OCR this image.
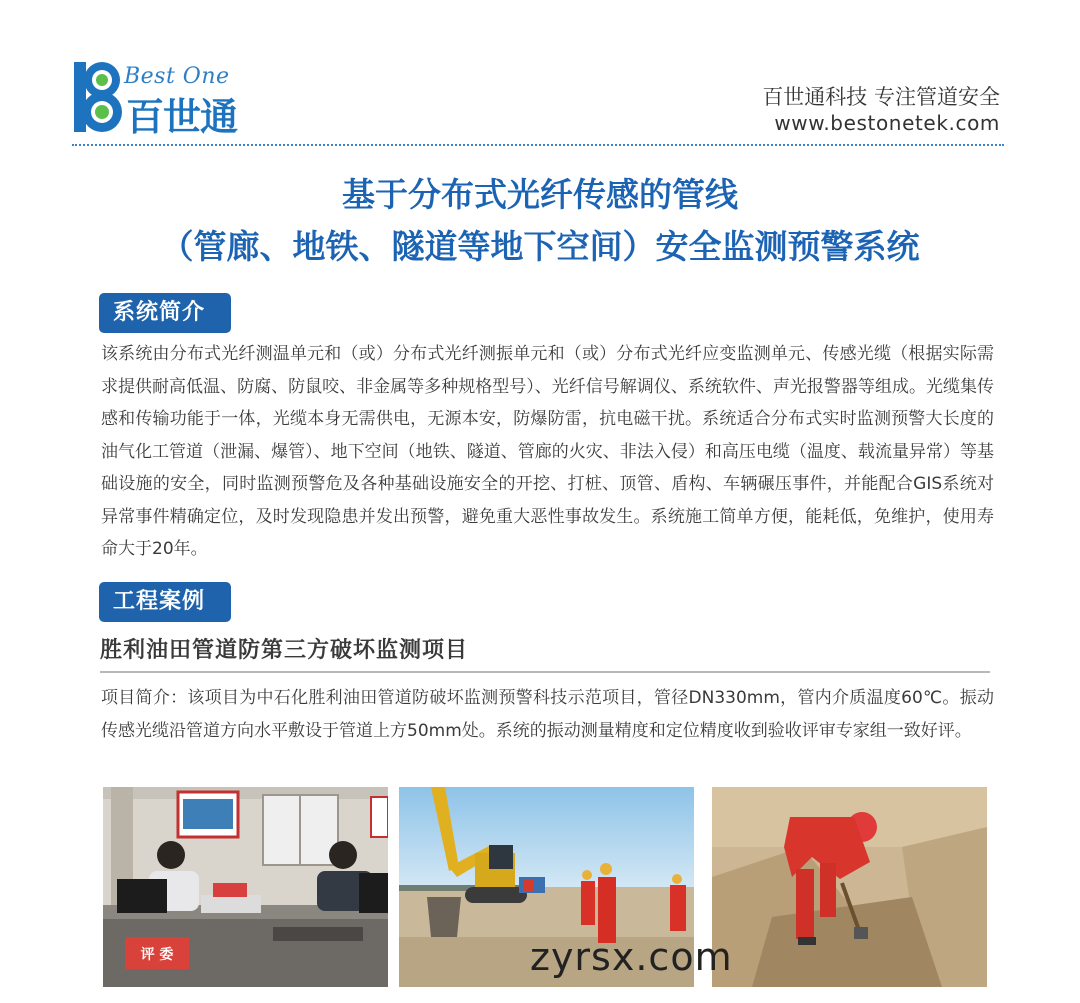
Best One
百世通	百世通科技 专注管道安全
www.bestonetek.com
基于分布式光纤传感的管线
（管廊、地铁、隧道等地下空间）安全监测预警系统
系统简介

该系统由分布式光纤测温单元和（或）分布式光纤测振单元和（或）分布式光纤应变监测单元、传感光缆（根据实际需求提供耐高低温、防腐、防鼠咬、非金属等多种规格型号）、光纤信号解调仪、系统软件、声光报警器等组成。光缆集传感和传输功能于一体，光缆本身无需供电，无源本安，防爆防雷，抗电磁干扰。系统适合分布式实时监测预警大长度的油气化工管道（泄漏、爆管）、地下空间（地铁、隧道、管廊的火灾、非法入侵）和高压电缆（温度、载流量异常）等基础设施的安全，同时监测预警危及各种基础设施安全的开挖、打桩、顶管、盾构、车辆碾压事件，并能配合GIS系统对异常事件精确定位，及时发现隐患并发出预警，避免重大恶性事故发生。系统施工简单方便，能耗低，免维护，使用寿命大于20年。

工程案例
胜利油田管道防第三方破坏监测项目

项目简介：该项目为中石化胜利油田管道防破坏监测预警科技示范项目，管径DN330mm，管内介质温度60℃。振动传感光缆沿管道方向水平敷设于管道上方50mm处。系统的振动测量精度和定位精度收到验收评审专家组一致好评。

评 委	zyrsx.com
